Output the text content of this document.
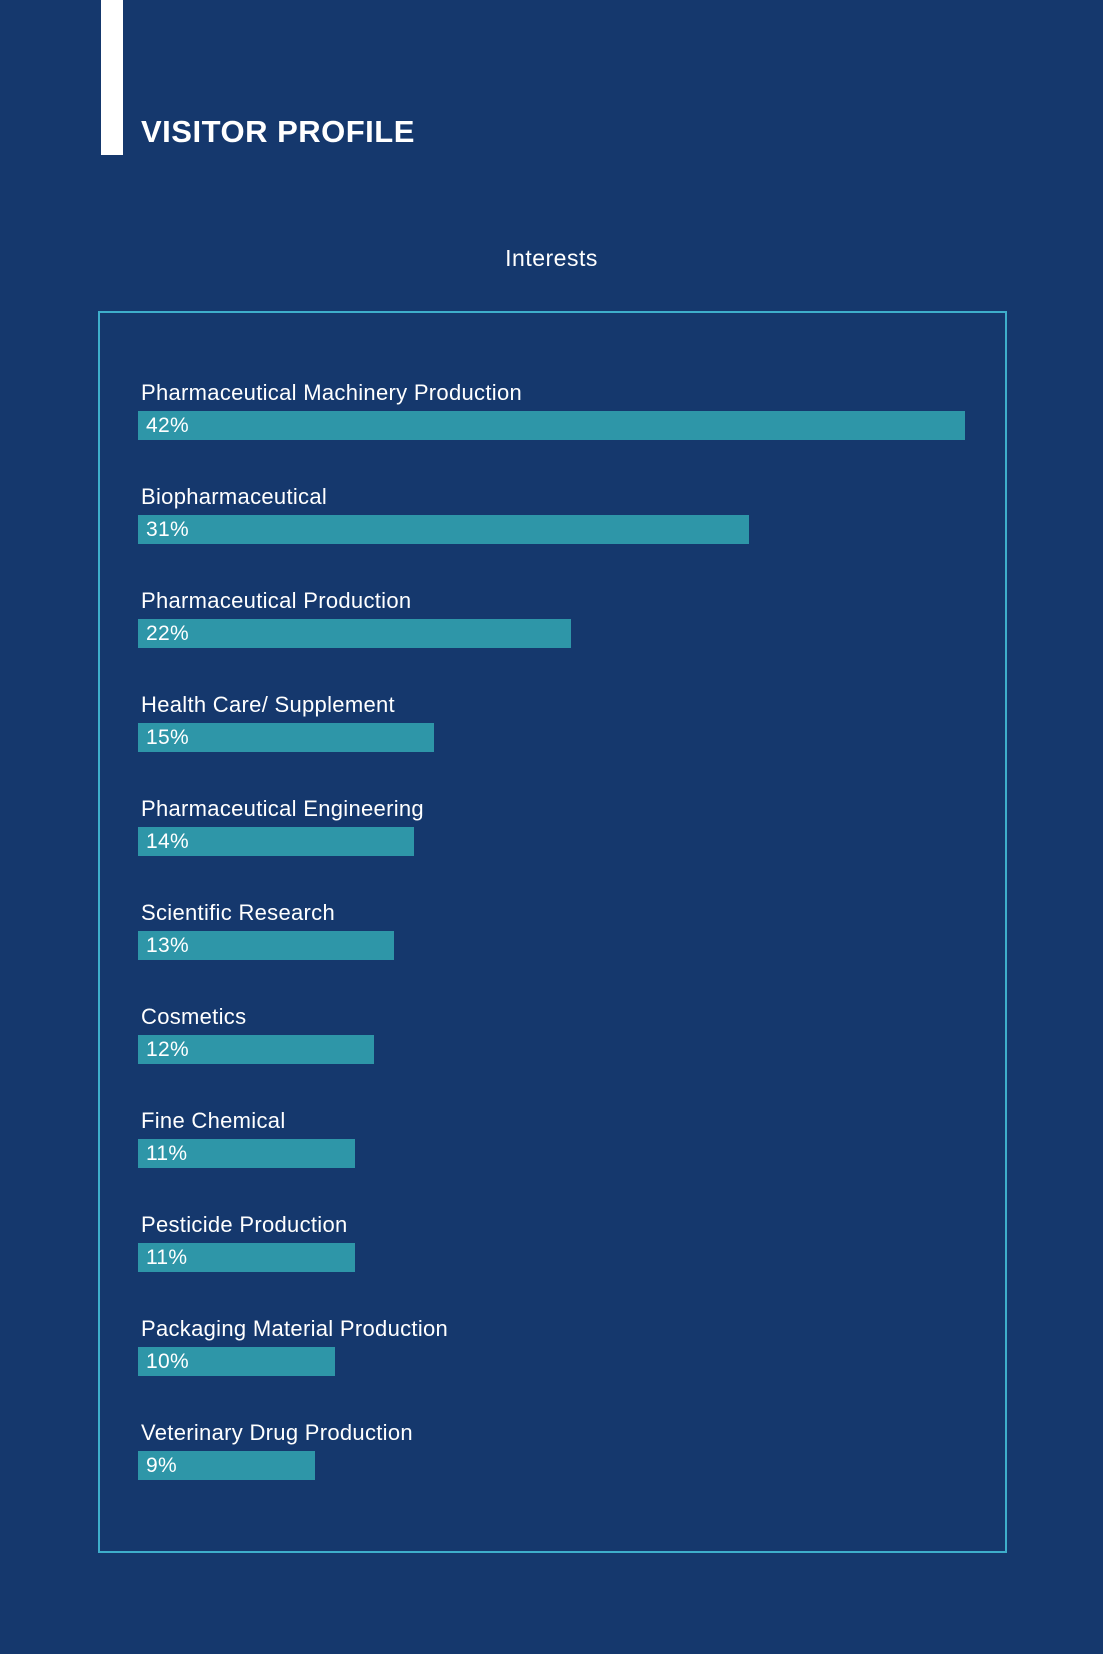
VISITOR PROFILE
Interests
Pharmaceutical Machinery Production
42%
Biopharmaceutical
31%
Pharmaceutical Production
22%
Health Care/ Supplement
15%
Pharmaceutical Engineering
14%
Scientific Research
13%
Cosmetics
12%
Fine Chemical
11%
Pesticide Production
11%
Packaging Material Production
10%
Veterinary Drug Production
9%
